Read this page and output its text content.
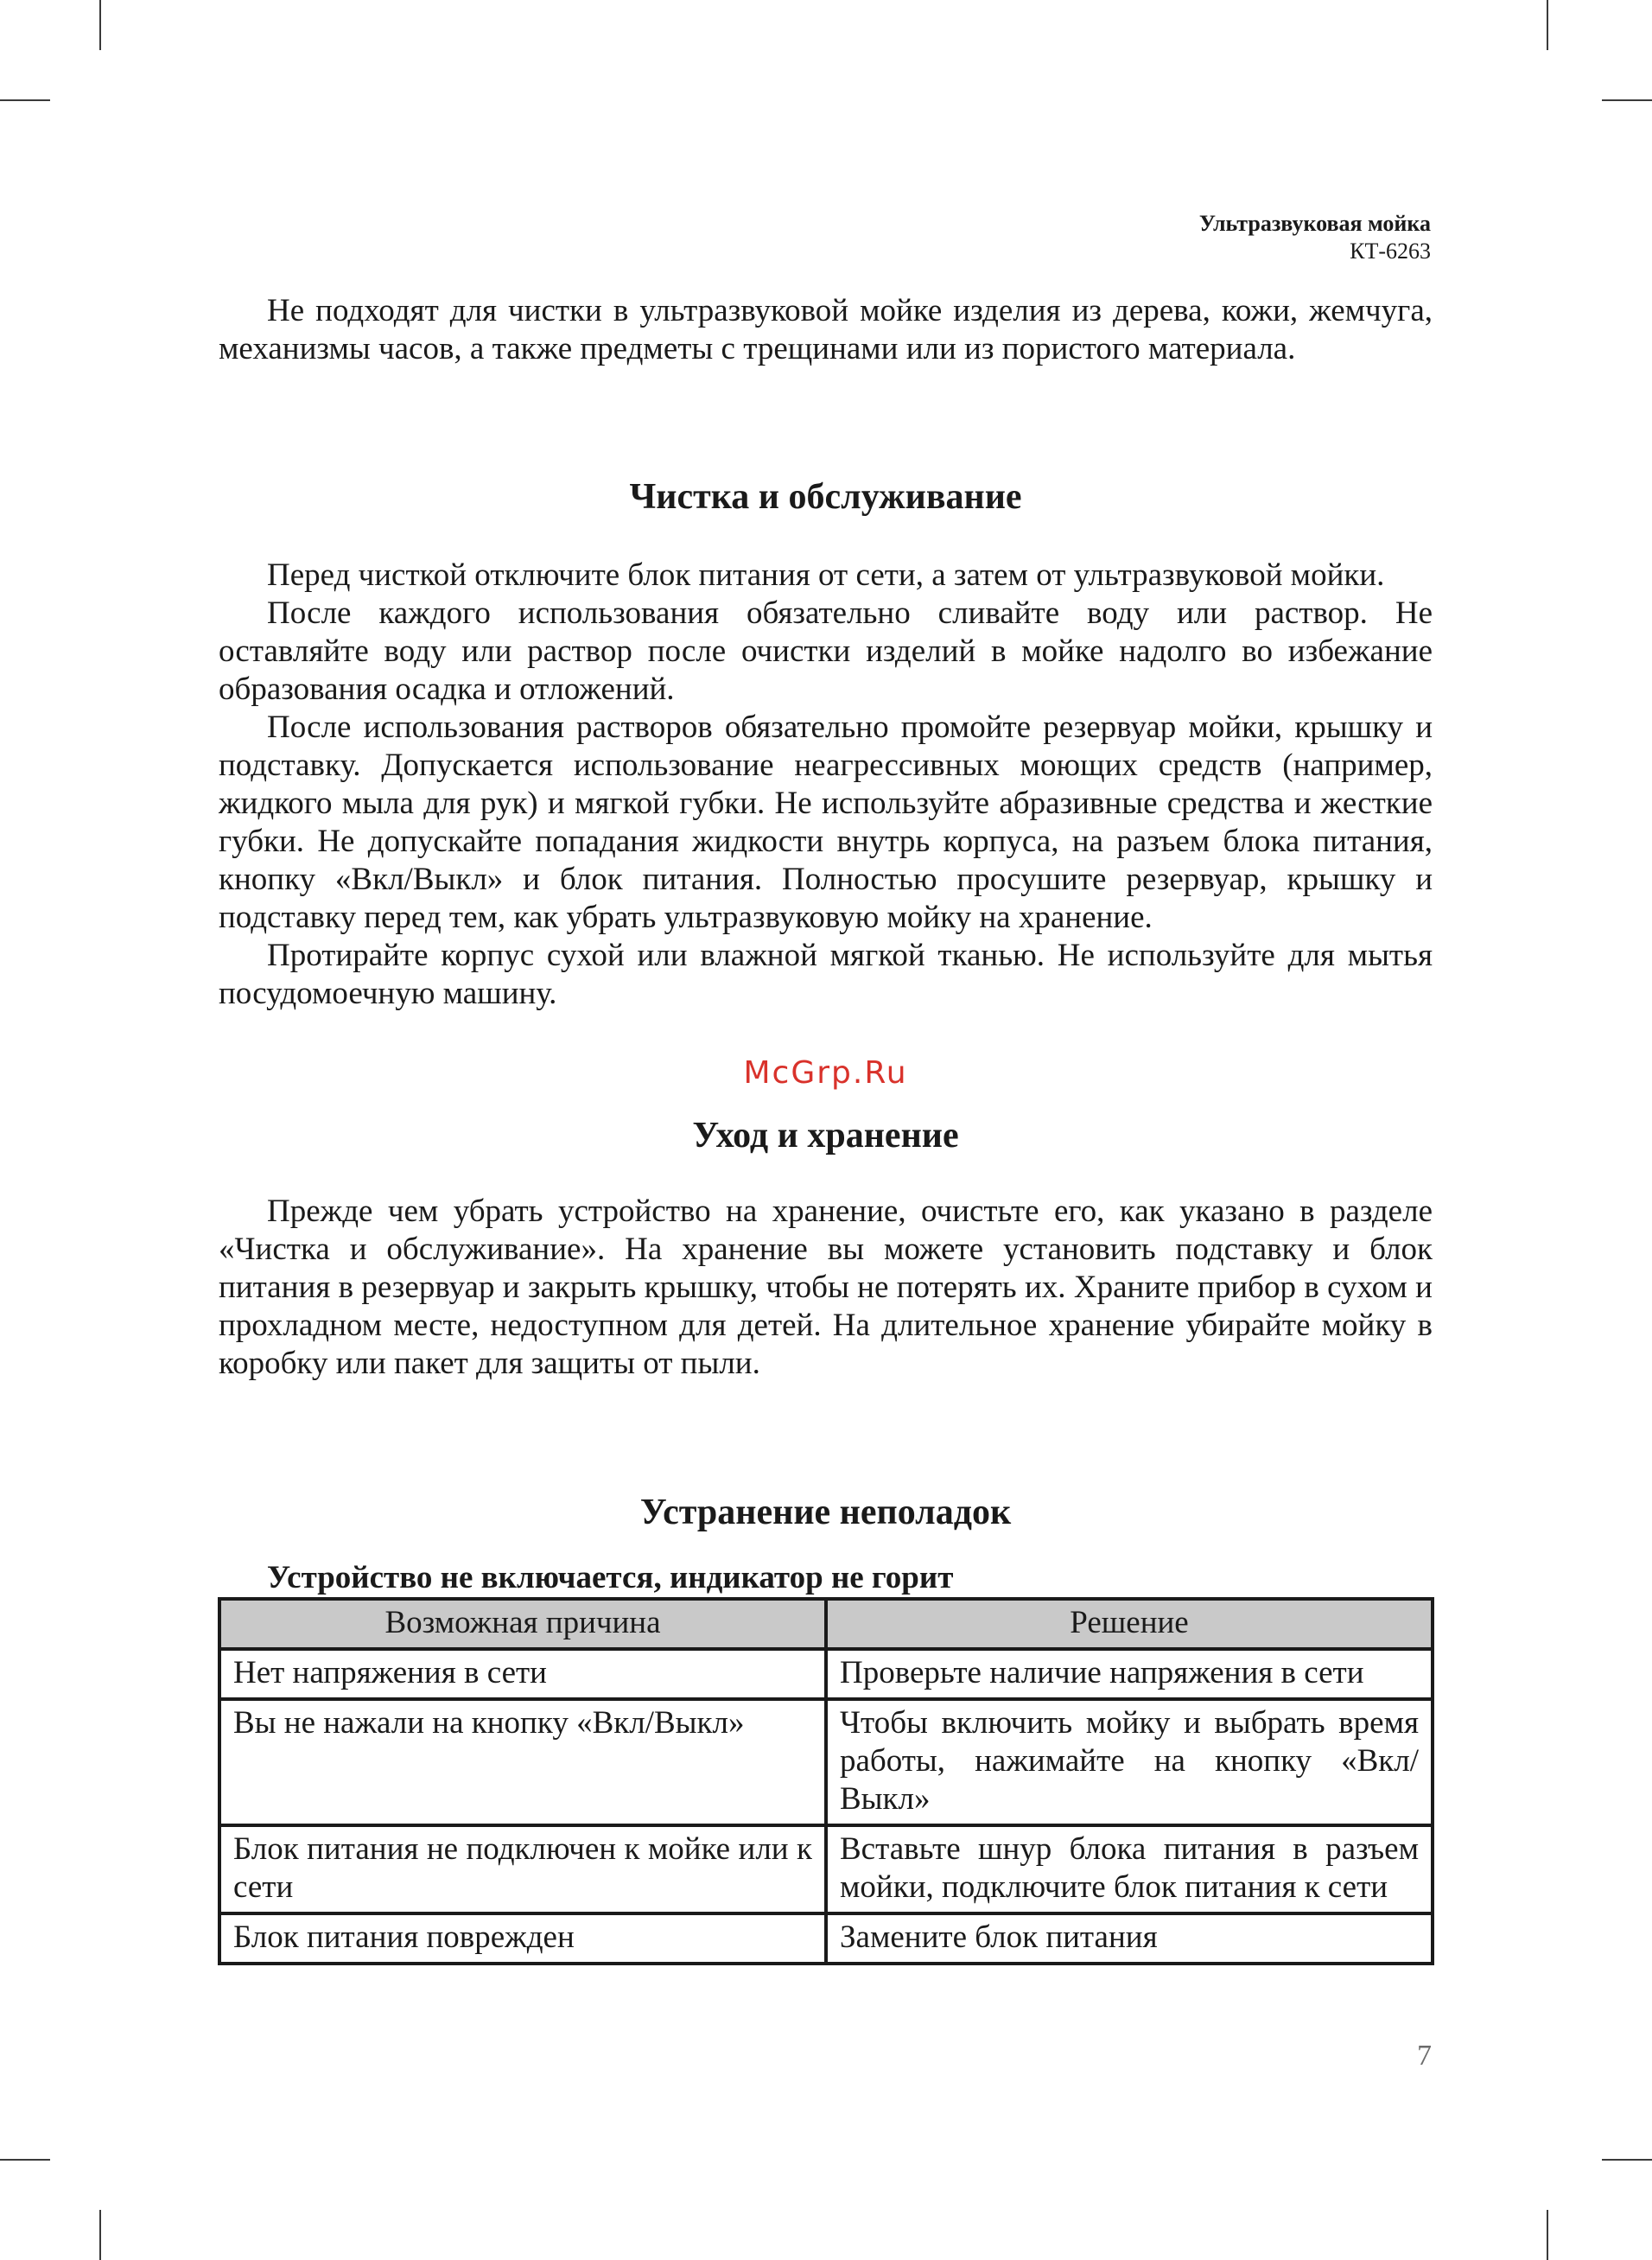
Ультразвуковая мойка
КТ-6263

Не подходят для чистки в ультразвуковой мойке изделия из дерева, кожи, жемчуга, механизмы часов, а также предметы с трещинами или из пористого материала.

Чистка и обслуживание

Перед чисткой отключите блок питания от сети, а затем от ультразвуковой мойки.

После каждого использования обязательно сливайте воду или раствор. Не оставляйте воду или раствор после очистки изделий в мойке надолго во избежание образования осадка и отложений.

После использования растворов обязательно промойте резервуар мойки, крышку и подставку. Допускается использование неагрессивных моющих средств (например, жидкого мыла для рук) и мягкой губки. Не используйте абразивные средства и жесткие губки. Не допускайте попадания жидкости внутрь корпуса, на разъем блока питания, кнопку «Вкл/Выкл» и блок питания. Полностью просушите резервуар, крышку и подставку перед тем, как убрать ультразвуковую мойку на хранение.

Протирайте корпус сухой или влажной мягкой тканью. Не используйте для мытья посудомоечную машину.

McGrp.Ru
Уход и хранение

Прежде чем убрать устройство на хранение, очистьте его, как указано в разделе «Чистка и обслуживание». На хранение вы можете установить подставку и блок питания в резервуар и закрыть крышку, чтобы не потерять их. Храните прибор в сухом и прохладном месте, недоступном для детей. На длительное хранение убирайте мойку в коробку или пакет для защиты от пыли.

Устранение неполадок
Устройство не включается, индикатор не горит
Возможная причина	Решение
Нет напряжения в сети	Проверьте наличие напряжения в сети
Вы не нажали на кнопку «Вкл/Выкл»	Чтобы включить мойку и выбрать время работы, нажимайте на кнопку «Вкл/Выкл»
Блок питания не подключен к мойке или к сети	Вставьте шнур блока питания в разъем мойки, подключите блок питания к сети
Блок питания поврежден	Замените блок питания
7
